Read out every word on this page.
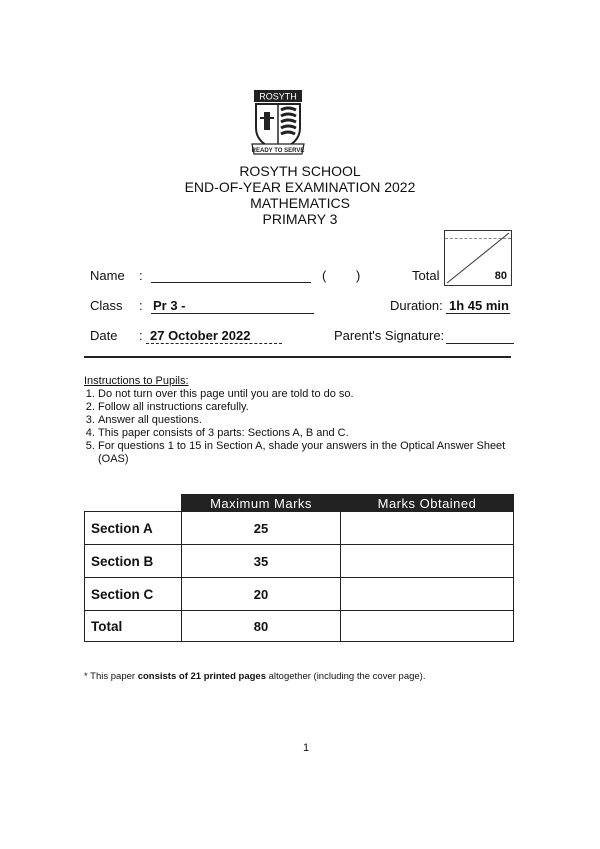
ROSYTH
READY TO SERVE
ROSYTH SCHOOL
END-OF-YEAR EXAMINATION 2022
MATHEMATICS
PRIMARY 3
Name :	( )	Total	80
Class : Pr 3 -	Duration: 1h 45 min
Date : 27 October 2022	Parent's Signature:
Instructions to Pupils:
1. Do not turn over this page until you are told to do so.
2. Follow all instructions carefully.
3. Answer all questions.
4. This paper consists of 3 parts: Sections A, B and C.
5. For questions 1 to 15 in Section A, shade your answers in the Optical Answer Sheet (OAS)
	Maximum Marks	Marks Obtained
Section A	25	
Section B	35	
Section C	20	
Total	80	
* This paper consists of 21 printed pages altogether (including the cover page).
1
